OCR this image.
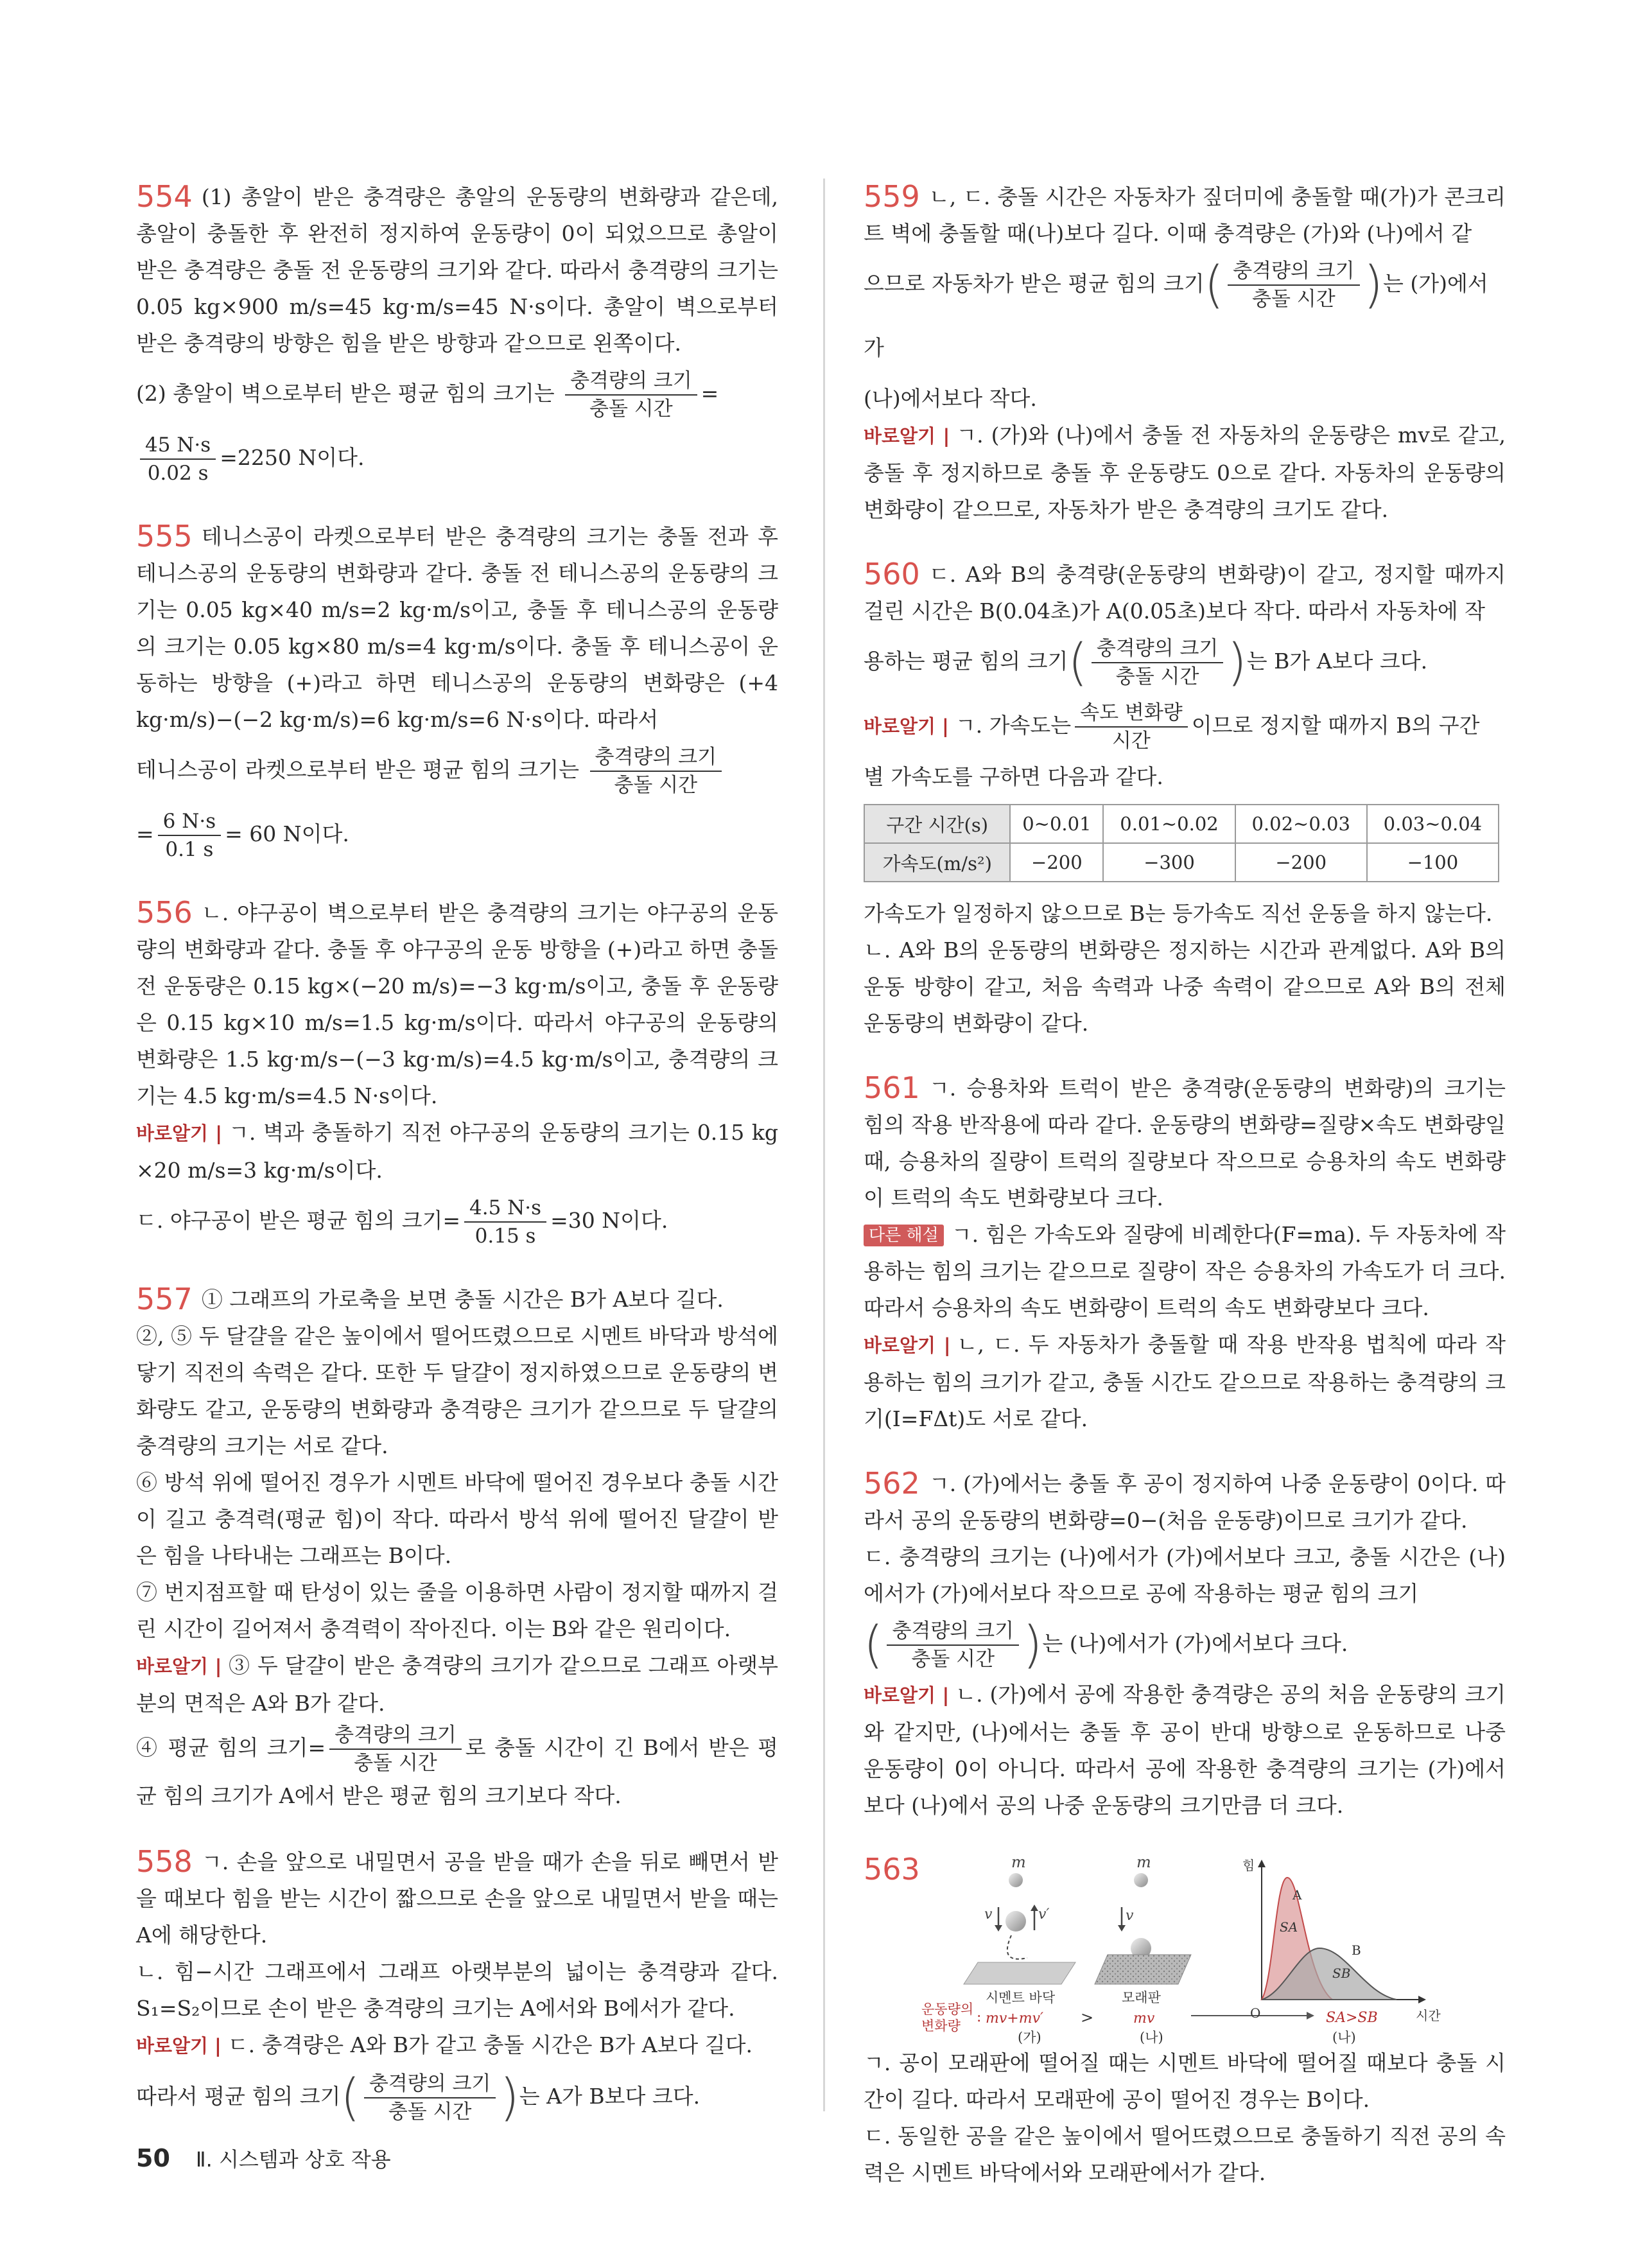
554 (1) 총알이 받은 충격량은 총알의 운동량의 변화량과 같은데, 총알이 충돌한 후 완전히 정지하여 운동량이 0이 되었으므로 총알이 받은 충격량은 충돌 전 운동량의 크기와 같다. 따라서 충격량의 크기는 0.05 kg×900 m/s=45 kg·m/s=45 N·s이다. 총알이 벽으로부터 받은 충격량의 방향은 힘을 받은 방향과 같으므로 왼쪽이다.

(2) 총알이 벽으로부터 받은 평균 힘의 크기는 $\frac{\text{충격량의 크기}}{\text{충돌 시간}}$ =

$\frac{45 N\cdot s}{0.02 s} =2250$ N이다.

555 테니스공이 라켓으로부터 받은 충격량의 크기는 충돌 전과 후 테니스공의 운동량의 변화량과 같다. 충돌 전 테니스공의 운동량의 크기는 0.05 kg×40 m/s=2 kg·m/s이고, 충돌 후 테니스공의 운동량의 크기는 0.05 kg×80 m/s=4 kg·m/s이다. 충돌 후 테니스공이 운동하는 방향을 (+)라고 하면 테니스공의 운동량의 변화량은 (+4 kg·m/s)−(−2 kg·m/s)=6 kg·m/s=6 N·s이다. 따라서

테니스공이 라켓으로부터 받은 평균 힘의 크기는 $\frac{\text{충격량의 크기}}{\text{충돌 시간}}$

= $\frac{6 N\cdot s}{0.1 s} = 60$ N이다.

556 ㄴ. 야구공이 벽으로부터 받은 충격량의 크기는 야구공의 운동량의 변화량과 같다. 충돌 후 야구공의 운동 방향을 (+)라고 하면 충돌 전 운동량은 0.15 kg×(−20 m/s)=−3 kg·m/s이고, 충돌 후 운동량은 0.15 kg×10 m/s=1.5 kg·m/s이다. 따라서 야구공의 운동량의 변화량은 1.5 kg·m/s−(−3 kg·m/s)=4.5 kg·m/s이고, 충격량의 크기는 4.5 kg·m/s=4.5 N·s이다.

바로알기 | ㄱ. 벽과 충돌하기 직전 야구공의 운동량의 크기는 0.15 kg ×20 m/s=3 kg·m/s이다.

ㄷ. 야구공이 받은 평균 힘의 크기= $\frac{4.5 N\cdot s}{0.15 s} =30$ N이다.

557 ① 그래프의 가로축을 보면 충돌 시간은 B가 A보다 길다.

②, ⑤ 두 달걀을 같은 높이에서 떨어뜨렸으므로 시멘트 바닥과 방석에 닿기 직전의 속력은 같다. 또한 두 달걀이 정지하였으므로 운동량의 변화량도 같고, 운동량의 변화량과 충격량은 크기가 같으므로 두 달걀의 충격량의 크기는 서로 같다.

⑥ 방석 위에 떨어진 경우가 시멘트 바닥에 떨어진 경우보다 충돌 시간이 길고 충격력(평균 힘)이 작다. 따라서 방석 위에 떨어진 달걀이 받은 힘을 나타내는 그래프는 B이다.

⑦ 번지점프할 때 탄성이 있는 줄을 이용하면 사람이 정지할 때까지 걸린 시간이 길어져서 충격력이 작아진다. 이는 B와 같은 원리이다.

바로알기 | ③ 두 달걀이 받은 충격량의 크기가 같으므로 그래프 아랫부분의 면적은 A와 B가 같다.

④ 평균 힘의 크기= $\frac{\text{충격량의 크기}}{\text{충돌 시간}}$ 로 충돌 시간이 긴 B에서 받은 평균 힘의 크기가 A에서 받은 평균 힘의 크기보다 작다.

558 ㄱ. 손을 앞으로 내밀면서 공을 받을 때가 손을 뒤로 빼면서 받을 때보다 힘을 받는 시간이 짧으므로 손을 앞으로 내밀면서 받을 때는 A에 해당한다.

ㄴ. 힘−시간 그래프에서 그래프 아랫부분의 넓이는 충격량과 같다. S₁=S₂이므로 손이 받은 충격량의 크기는 A에서와 B에서가 같다.

바로알기 | ㄷ. 충격량은 A와 B가 같고 충돌 시간은 B가 A보다 길다.

따라서 평균 힘의 크기( $\frac{\text{충격량의 크기}}{\text{충돌 시간}}$ )는 A가 B보다 크다.

559 ㄴ, ㄷ. 충돌 시간은 자동차가 짚더미에 충돌할 때(가)가 콘크리트 벽에 충돌할 때(나)보다 길다. 이때 충격량은 (가)와 (나)에서 같

으므로 자동차가 받은 평균 힘의 크기( $\frac{\text{충격량의 크기}}{\text{충돌 시간}}$ )는 (가)에서가

(나)에서보다 작다.

바로알기 | ㄱ. (가)와 (나)에서 충돌 전 자동차의 운동량은 mv로 같고, 충돌 후 정지하므로 충돌 후 운동량도 0으로 같다. 자동차의 운동량의 변화량이 같으므로, 자동차가 받은 충격량의 크기도 같다.

560 ㄷ. A와 B의 충격량(운동량의 변화량)이 같고, 정지할 때까지 걸린 시간은 B(0.04초)가 A(0.05초)보다 작다. 따라서 자동차에 작

용하는 평균 힘의 크기( $\frac{\text{충격량의 크기}}{\text{충돌 시간}}$ )는 B가 A보다 크다.

바로알기 | ㄱ. 가속도는 $\frac{\text{속도 변화량}}{\text{시간}}$ 이므로 정지할 때까지 B의 구간

별 가속도를 구하면 다음과 같다.

구간 시간(s)	0~0.01	0.01~0.02	0.02~0.03	0.03~0.04
가속도(m/s²)	−200	−300	−200	−100

가속도가 일정하지 않으므로 B는 등가속도 직선 운동을 하지 않는다.

ㄴ. A와 B의 운동량의 변화량은 정지하는 시간과 관계없다. A와 B의 운동 방향이 같고, 처음 속력과 나중 속력이 같으므로 A와 B의 전체 운동량의 변화량이 같다.

561 ㄱ. 승용차와 트럭이 받은 충격량(운동량의 변화량)의 크기는 힘의 작용 반작용에 따라 같다. 운동량의 변화량=질량×속도 변화량일 때, 승용차의 질량이 트럭의 질량보다 작으므로 승용차의 속도 변화량이 트럭의 속도 변화량보다 크다.

다른 해설 ㄱ. 힘은 가속도와 질량에 비례한다(F=ma). 두 자동차에 작용하는 힘의 크기는 같으므로 질량이 작은 승용차의 가속도가 더 크다. 따라서 승용차의 속도 변화량이 트럭의 속도 변화량보다 크다.

바로알기 | ㄴ, ㄷ. 두 자동차가 충돌할 때 작용 반작용 법칙에 따라 작용하는 힘의 크기가 같고, 충돌 시간도 같으므로 작용하는 충격량의 크기(I=FΔt)도 서로 같다.

562 ㄱ. (가)에서는 충돌 후 공이 정지하여 나중 운동량이 0이다. 따라서 공의 운동량의 변화량=0−(처음 운동량)이므로 크기가 같다.

ㄷ. 충격량의 크기는 (나)에서가 (가)에서보다 크고, 충돌 시간은 (나)에서가 (가)에서보다 작으므로 공에 작용하는 평균 힘의 크기

( $\frac{\text{충격량의 크기}}{\text{충돌 시간}}$ )는 (나)에서가 (가)에서보다 크다.

바로알기 | ㄴ. (가)에서 공에 작용한 충격량은 공의 처음 운동량의 크기와 같지만, (나)에서는 충돌 후 공이 반대 방향으로 운동하므로 나중 운동량이 0이 아니다. 따라서 공에 작용한 충격량의 크기는 (가)에서보다 (나)에서 공의 나중 운동량의 크기만큼 더 크다.

563	m
v	v′
시멘트 바닥
m
v
모래판
운동량의
변화량
: mv+mv′ >	mv
(가)	(나)
힘
시간
O
A
SA
B
SB
SA>SB
(나)

ㄱ. 공이 모래판에 떨어질 때는 시멘트 바닥에 떨어질 때보다 충돌 시간이 길다. 따라서 모래판에 공이 떨어진 경우는 B이다.

ㄷ. 동일한 공을 같은 높이에서 떨어뜨렸으므로 충돌하기 직전 공의 속력은 시멘트 바닥에서와 모래판에서가 같다.

50 Ⅱ. 시스템과 상호 작용
